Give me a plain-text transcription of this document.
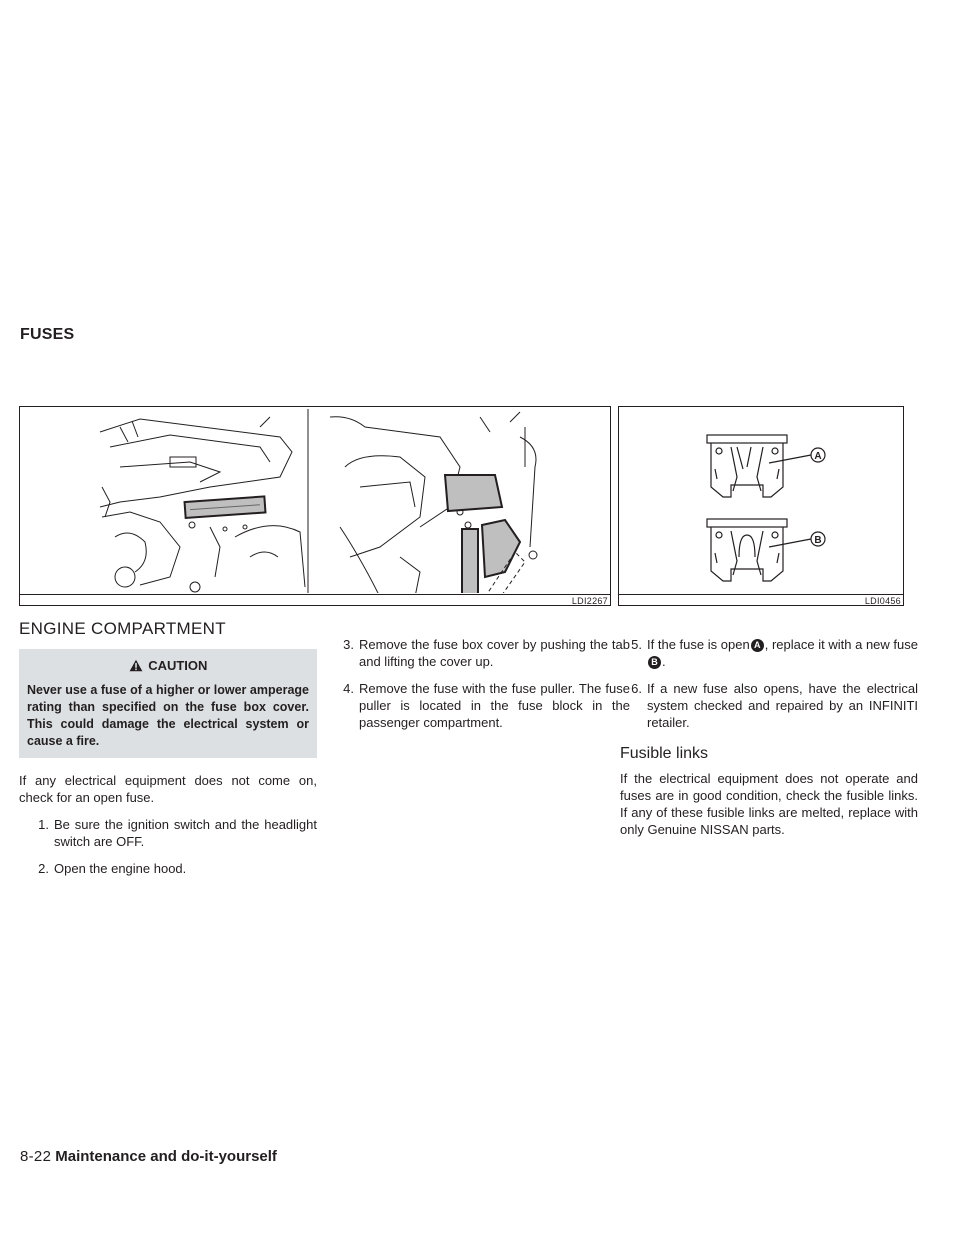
FUSES
LDI2267
A
B
LDI0456
ENGINE COMPARTMENT
CAUTION
Never use a fuse of a higher or lower amperage rating than specified on the fuse box cover. This could damage the electrical system or cause a fire.

If any electrical equipment does not come on, check for an open fuse.

1. Be sure the ignition switch and the headlight switch are OFF.
2. Open the engine hood.
3. Remove the fuse box cover by pushing the tab and lifting the cover up.
4. Remove the fuse with the fuse puller. The fuse puller is located in the fuse block in the passenger compartment.
5. If the fuse is open A , replace it with a new fuseB .
6. If a new fuse also opens, have the electrical system checked and repaired by an INFINITI retailer.
Fusible links

If the electrical equipment does not operate and fuses are in good condition, check the fusible links. If any of these fusible links are melted, replace with only Genuine NISSAN parts.

8-22 Maintenance and do-it-yourself
